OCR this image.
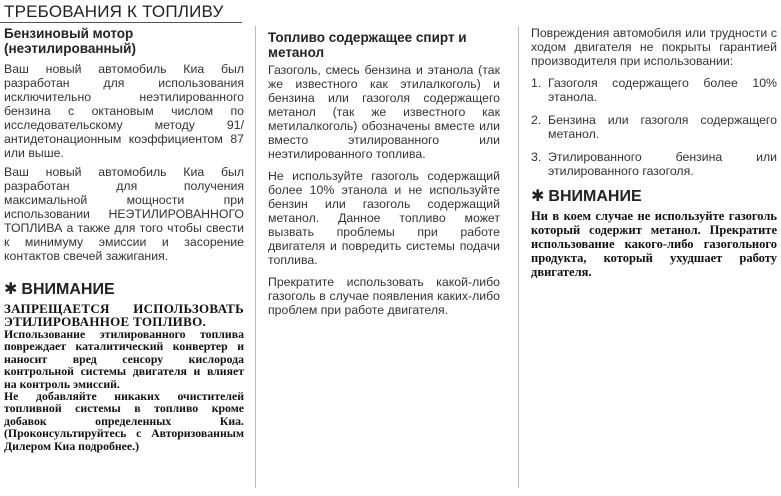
ТРЕБОВАНИЯ К ТОПЛИВУ
Бензиновый мотор (неэтилированный)
Ваш новый автомобиль Киа был разработан для использования исключительно неэтилированного бензина с октановым числом по исследовательскому методу 91/ антидетонационным коэффициентом 87 или выше.
Ваш новый автомобиль Киа был разработан для получения максимальной мощности при использовании НЕЭТИЛИРОВАННОГО ТОПЛИВА а также для того чтобы свести к минимуму эмиссии и засорение контактов свечей зажигания.
✱ ВНИМАНИЕ
ЗАПРЕЩАЕТСЯ ИСПОЛЬЗОВАТЬ ЭТИЛИРОВАННОЕ ТОПЛИВО.
Использование этилированного топлива повреждает каталитический конвертер и наносит вред сенсору кислорода контрольной системы двигателя и влияет на контроль эмиссий.
Не добавляйте никаких очистителей топливной системы в топливо кроме добавок определенных Киа. (Проконсультируйтесь с Авторизованным Дилером Киа подробнее.)
Топливо содержащее спирт и метанол
Газоголь, смесь бензина и этанола (так же известного как этилалкоголь) и бензина или газоголя содержащего метанол (так же известного как метилалкоголь) обозначены вместе или вместо этилированного или неэтилированного топлива.
Не используйте газоголь содержащий более 10% этанола и не используйте бензин или газоголь содержащий метанол. Данное топливо может вызвать проблемы при работе двигателя и повредить системы подачи топлива.
Прекратите использовать какой-либо газоголь в случае появления каких-либо проблем при работе двигателя.
Повреждения автомобиля или трудности с ходом двигателя не покрыты гарантией производителя при использовании:
1. Газоголя содержащего более 10% этанола.
2. Бензина или газоголя содержащего метанол.
3. Этилированного бензина или этилированного газоголя.
✱ ВНИМАНИЕ
Ни в коем случае не используйте газоголь который содержит метанол. Прекратите использование какого-либо газогольного продукта, который ухудшает работу двигателя.
